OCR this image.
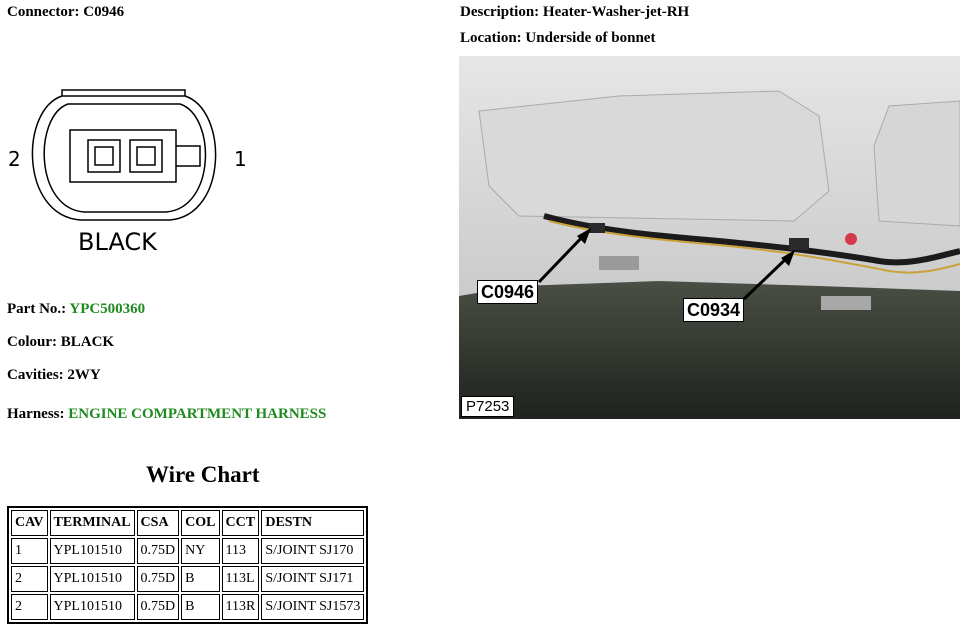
Connector: C0946	Description: Heater-Washer-jet-RH
Location: Underside of bonnet
2	1
BLACK
Part No.: YPC500360
Colour: BLACK
Cavities: 2WY
Harness: ENGINE COMPARTMENT HARNESS
Wire Chart
CAV	TERMINAL	CSA	COL	CCT	DESTN
1	YPL101510	0.75D	NY	113	S/JOINT SJ170
2	YPL101510	0.75D	B	113L	S/JOINT SJ171
2	YPL101510	0.75D	B	113R	S/JOINT SJ1573
C0946
C0934
P7253
